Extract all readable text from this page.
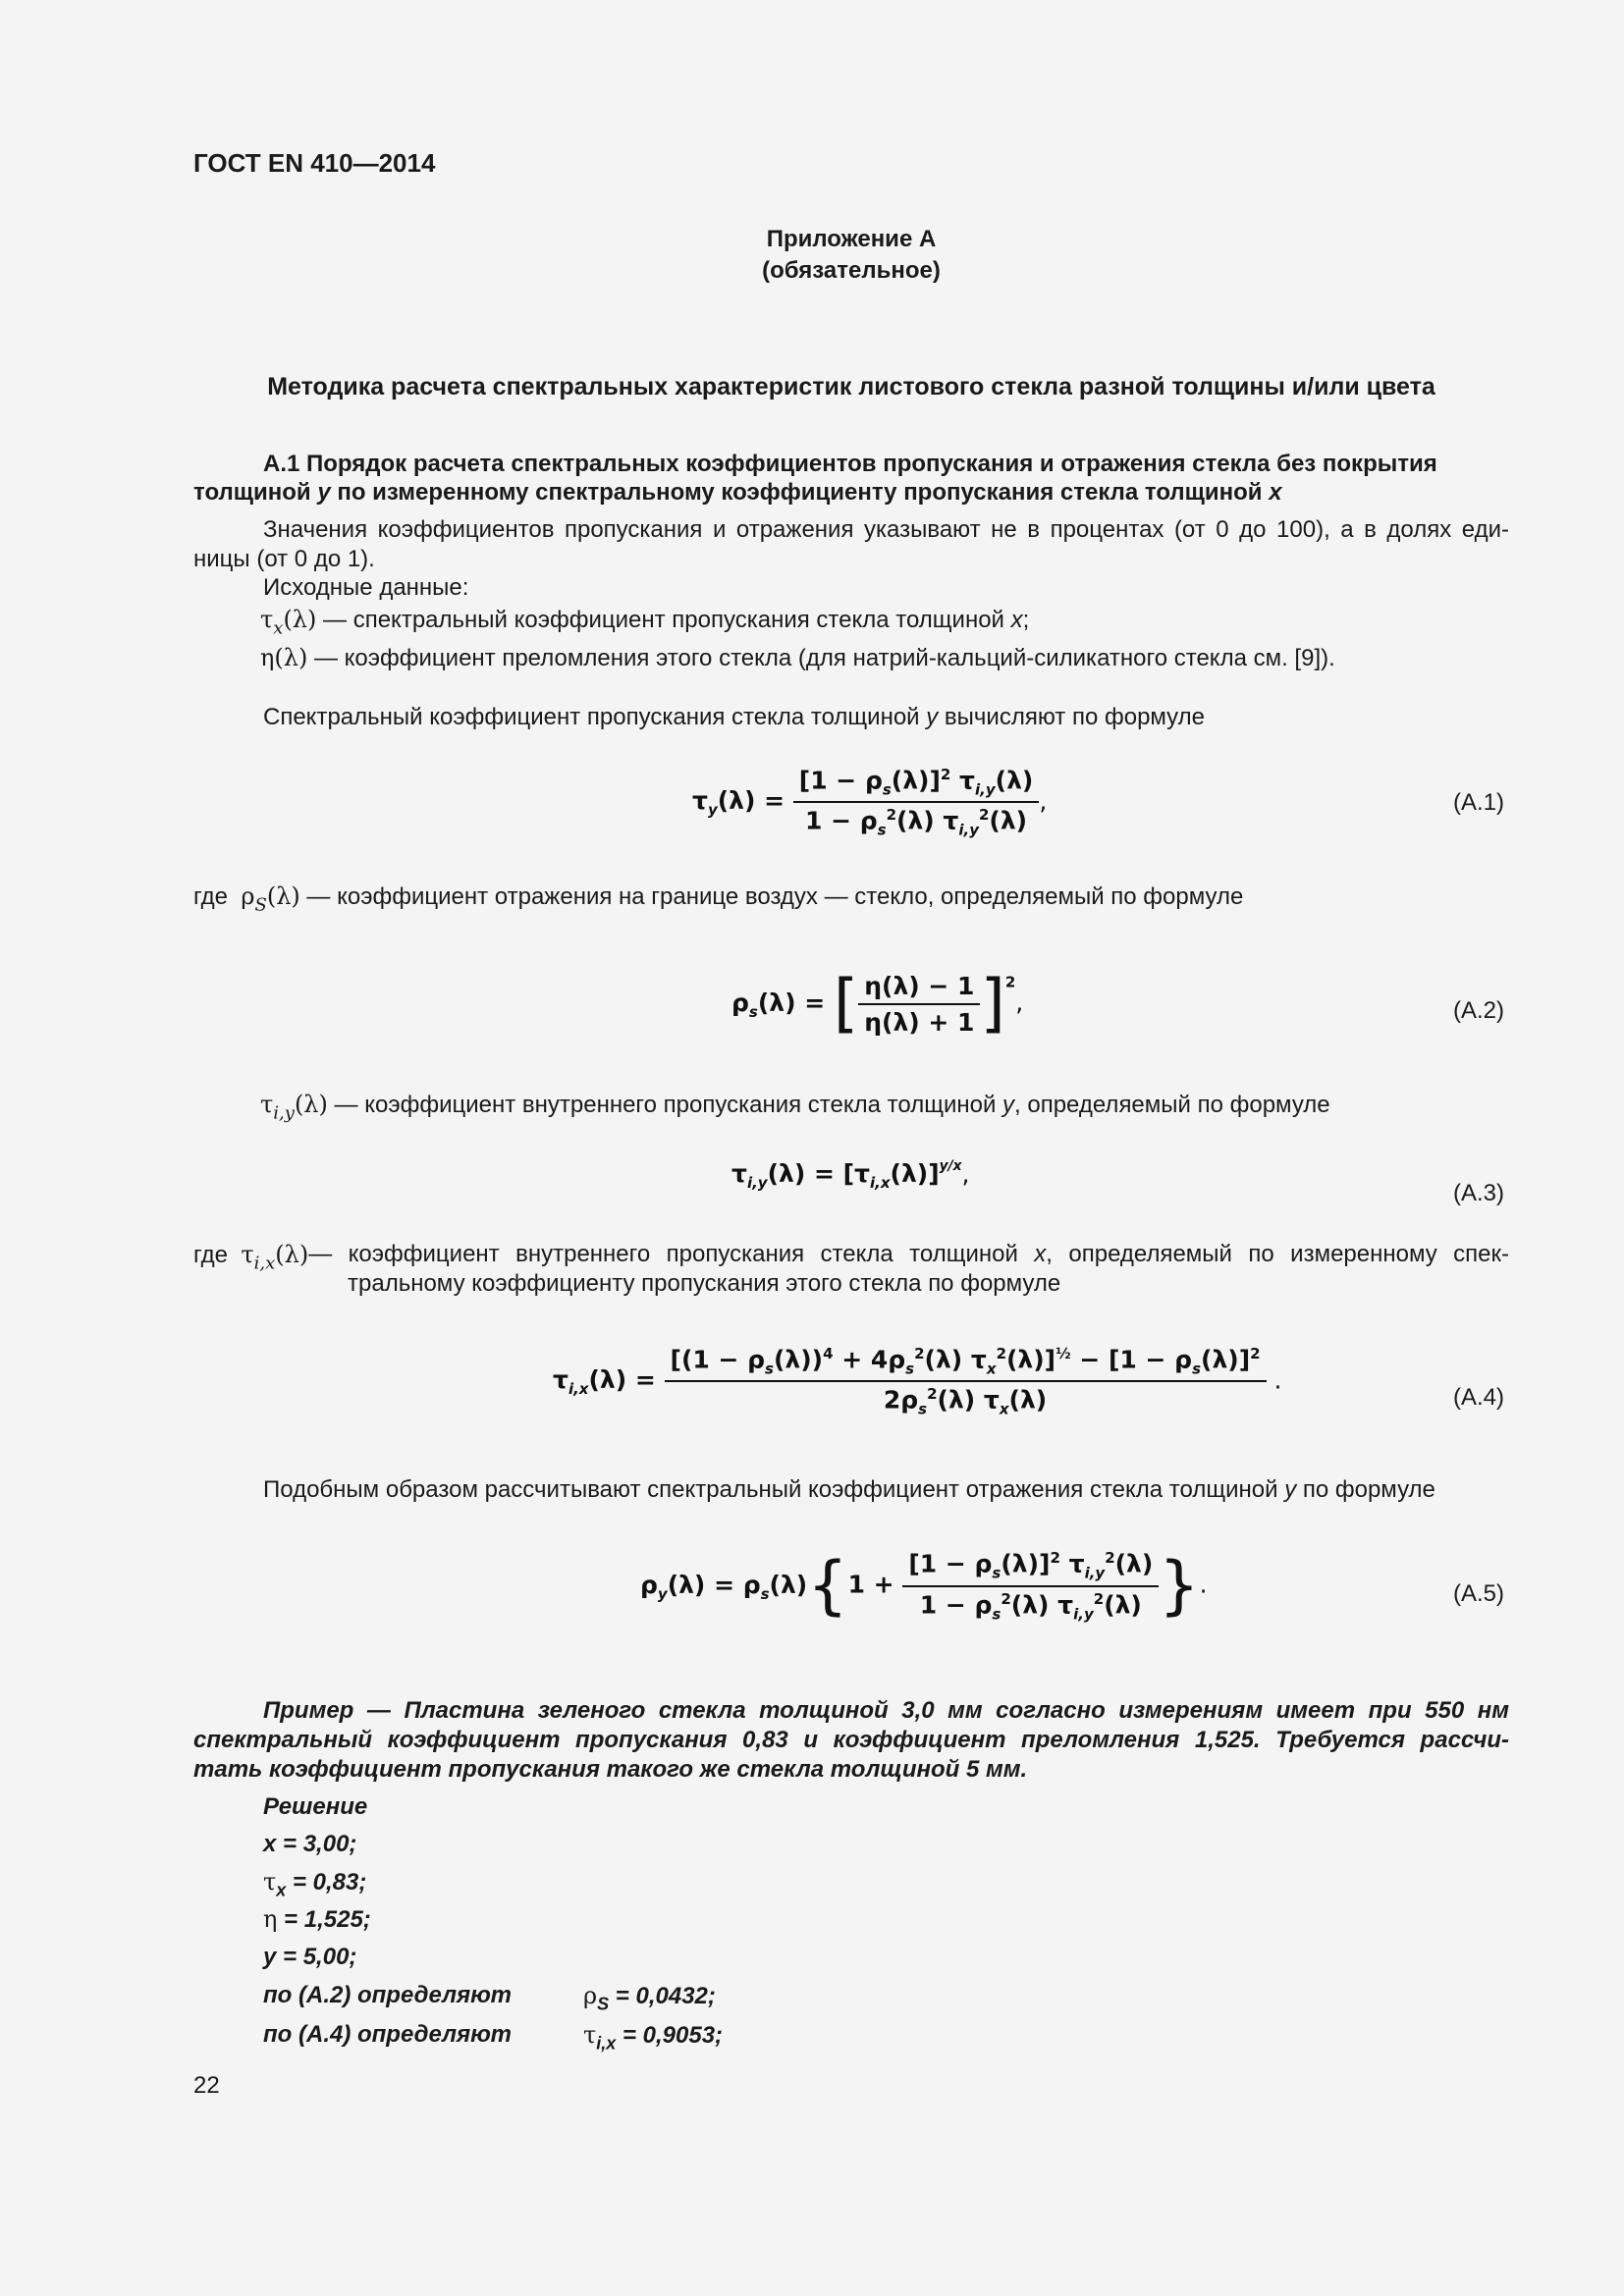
ГОСТ EN 410—2014
Приложение А
(обязательное)
Методика расчета спектральных характеристик листового стекла разной толщины и/или цвета
А.1 Порядок расчета спектральных коэффициентов пропускания и отражения стекла без покрытия
толщиной y по измеренному спектральному коэффициенту пропускания стекла толщиной x
Значения коэффициентов пропускания и отражения указывают не в процентах (от 0 до 100), а в долях еди-
ницы (от 0 до 1).
Исходные данные:
$\tau_x(\lambda)$ — спектральный коэффициент пропускания стекла толщиной x;
η(λ) — коэффициент преломления этого стекла (для натрий-кальций-силикатного стекла см. [9]).
Спектральный коэффициент пропускания стекла толщиной y вычисляют по формуле
$\tau_y(\lambda) = \frac{[1 - \rho_s(\lambda)]^2 \tau_{i,y}(\lambda)}{1 - \rho_s^2(\lambda) \tau_{i,y}^2(\lambda)}$ ,	(A.1)
где $\rho_S(\lambda)$ — коэффициент отражения на границе воздух — стекло, определяемый по формуле
$\rho_s(\lambda)$ = [ $\frac{\eta(\lambda) - 1}{\eta(\lambda) + 1} ]^2$,	(A.2)
$\tau_{i,y}(\lambda)$ — коэффициент внутреннего пропускания стекла толщиной y, определяемый по формуле
$\tau_{i,y}(\lambda) = [\tau_{i,x}(\lambda)]^{y/x}$,
(A.3)
где $\tau_{i,x}(\lambda)$ — коэффициент внутреннего пропускания стекла толщиной x, определяемый по измеренному спек-
тральному коэффициенту пропускания этого стекла по формуле
$\tau_{i,x}(\lambda) = \frac{[(1 - \rho_s(\lambda))^4 + 4\rho_s^2(\lambda) \tau_x^2(\lambda)]^{\frac{1}{2}} - [1 - \rho_s(\lambda)]^2}{2\rho_s^2(\lambda) \tau_x(\lambda)}$ .
(A.4)
Подобным образом рассчитывают спектральный коэффициент отражения стекла толщиной y по формуле
$\rho_y(\lambda) = \rho_s(\lambda)\{1 + \frac{[1 - \rho_s(\lambda)]^2 \tau_{i,y}^2(\lambda)}{1 - \rho_s^2(\lambda) \tau_{i,y}^2(\lambda)}$ }.	(A.5)
Пример — Пластина зеленого стекла толщиной 3,0 мм согласно измерениям имеет при 550 нм
спектральный коэффициент пропускания 0,83 и коэффициент преломления 1,525. Требуется рассчи-
тать коэффициент пропускания такого же стекла толщиной 5 мм.
Решение
x = 3,00;
$\tau_x = 0,83$;
η = 1,525;
y = 5,00;
по (A.2) определяют	$\rho_S = 0,0432$;
по (A.4) определяют	$\tau_{i,x} = 0,9053$;
22
